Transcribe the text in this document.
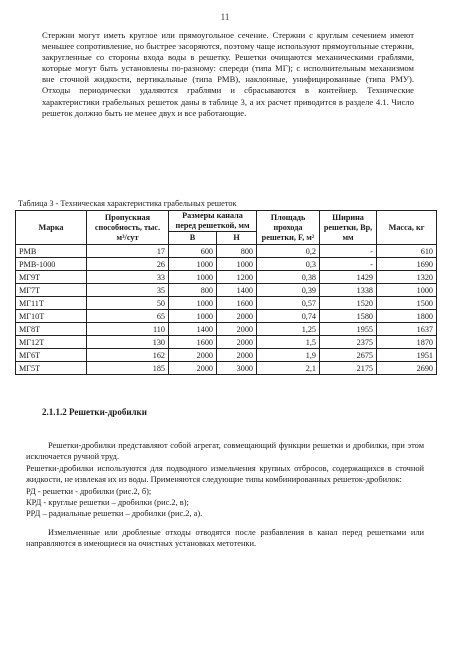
11
Стержни могут иметь круглое или прямоугольное сечение. Стержни с круглым сечением имеют меньшее сопротивление, но быстрее засоряются, поэтому чаще используют прямоугольные стержни, закругленные со стороны входа воды в решетку. Решетки очищаются механическими граблями, которые могут быть установлены по-разному: спереди (типа МГ); с исполнительным механизмом вне сточной жидкости, вертикальные (типа РМВ), наклонные, унифицированные (типа РМУ). Отходы периодически удаляются граблями и сбрасываются в контейнер. Технические характеристики грабельных решеток даны в таблице 3, а их расчет приводится в разделе 4.1. Число решеток должно быть не менее двух и все работающие.
Таблица 3 - Техническая характеристика грабельных решеток
Марка	Пропускная способность, тыс. м³/сут	Размеры канала перед решеткой, мм		Площадь прохода решетки, F, м²	Ширина решетки, Вр, мм	Масса, кг
		B	H			
РМВ	17	600	800	0,2	-	610
РМВ-1000	26	1000	1000	0,3	-	1690
МГ9Т	33	1000	1200	0,38	1429	1320
МГ7Т	35	800	1400	0,39	1338	1000
МГ11Т	50	1000	1600	0,57	1520	1500
МГ10Т	65	1000	2000	0,74	1580	1800
МГ8Т	110	1400	2000	1,25	1955	1637
МГ12Т	130	1600	2000	1,5	2375	1870
МГ6Т	162	2000	2000	1,9	2675	1951
МГ5Т	185	2000	3000	2,1	2175	2690
2.1.1.2 Решетки-дробилки

Решетки-дробилки представляют собой агрегат, совмещающий функции решетки и дробилки, при этом исключается ручной труд.

Решетки-дробилки используются для подводного измельчения крупных отбросов, содержащихся в сточной жидкости, не извлекая их из воды. Применяются следующие типы комбинированных решеток-дробилок:

РД - решетки - дробилки (рис.2, б);

КРД - круглые решетки – дробилки (рис.2, в);

РРД – радиальные решетки – дробилки (рис.2, а).

Измельченные или дробленые отходы отводятся после разбавления в канал перед решетками или направляются в имеющиеся на очистных установках метотенки.
